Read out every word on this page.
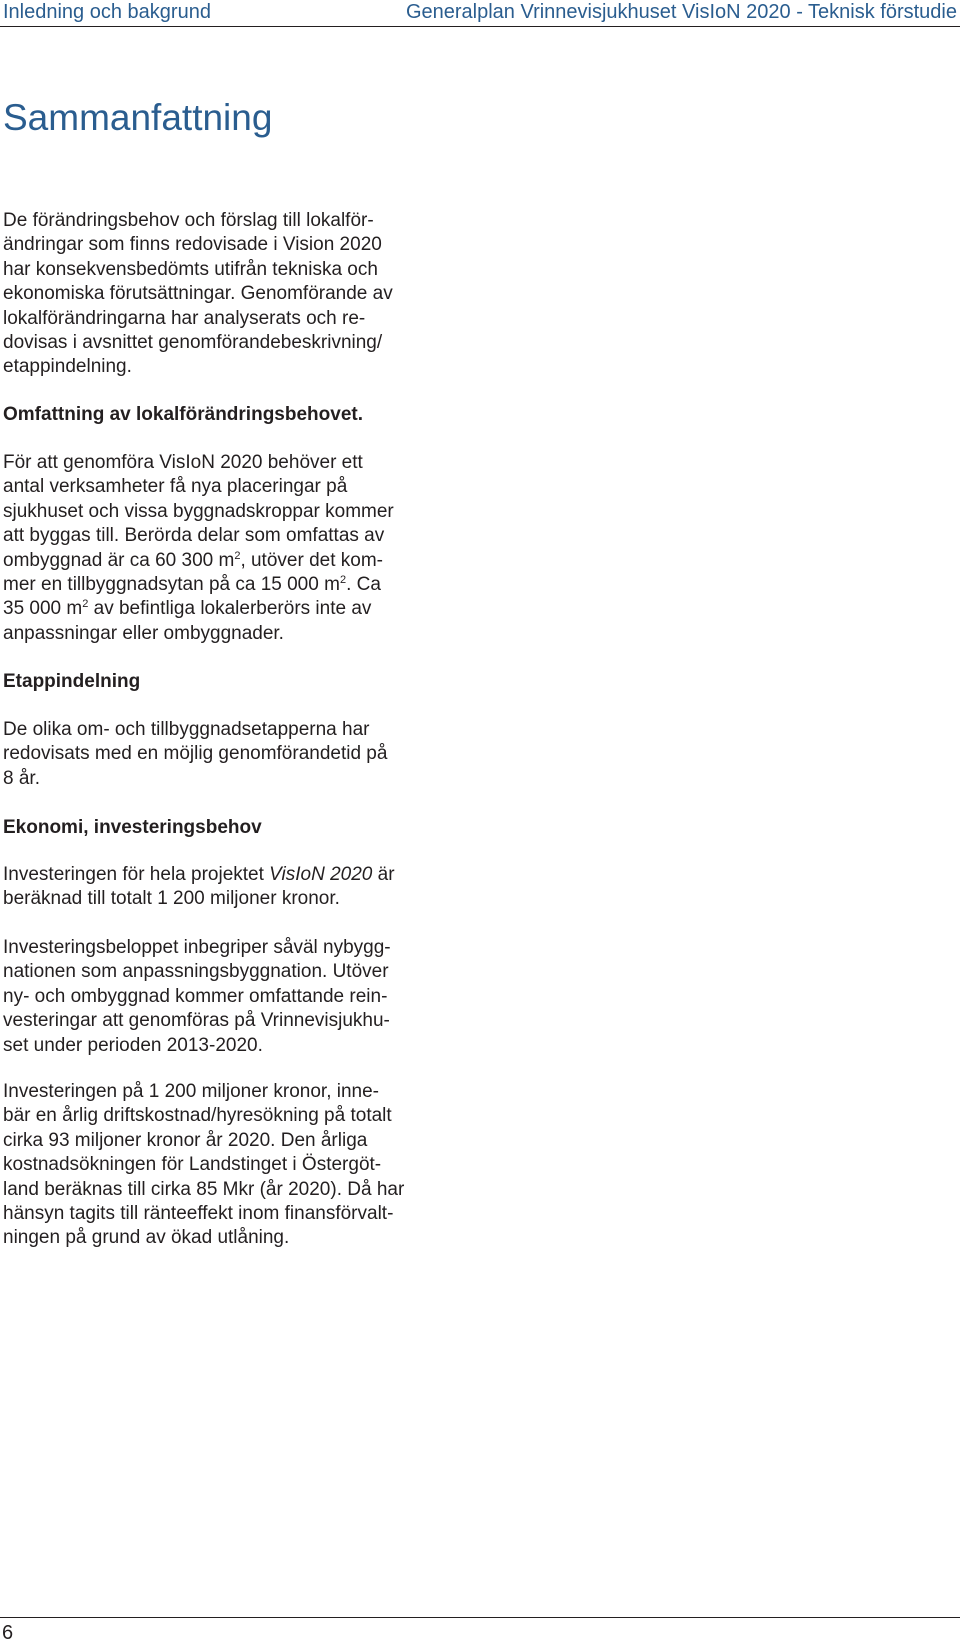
Inledning och bakgrund	Generalplan Vrinnevisjukhuset VisIoN 2020 - Teknisk förstudie
Sammanfattning

De förändringsbehov och förslag till lokalför-
ändringar som finns redovisade i Vision 2020
har konsekvensbedömts utifrån tekniska och
ekonomiska förutsättningar. Genomförande av
lokalförändringarna har analyserats och re-
dovisas i avsnittet genomförandebeskrivning/
etappindelning.

Omfattning av lokalförändringsbehovet.

För att genomföra VisIoN 2020 behöver ett
antal verksamheter få nya placeringar på
sjukhuset och vissa byggnadskroppar kommer
att byggas till. Berörda delar som omfattas av
ombyggnad är ca 60 300 $m^2$, utöver det kom-
mer en tillbyggnadsytan på ca 15 000 $m^2$. Ca
35 000 $m^2$ av befintliga lokalerberörs inte av
anpassningar eller ombyggnader.

Etappindelning

De olika om- och tillbyggnadsetapperna har
redovisats med en möjlig genomförandetid på
8 år.

Ekonomi, investeringsbehov

Investeringen för hela projektet VisIoN 2020 är
beräknad till totalt 1 200 miljoner kronor.

Investeringsbeloppet inbegriper såväl nybygg-
nationen som anpassningsbyggnation. Utöver
ny- och ombyggnad kommer omfattande rein-
vesteringar att genomföras på Vrinnevisjukhu-
set under perioden 2013-2020.

Investeringen på 1 200 miljoner kronor, inne-
bär en årlig driftskostnad/hyresökning på totalt
cirka 93 miljoner kronor år 2020. Den årliga
kostnadsökningen för Landstinget i Östergöt-
land beräknas till cirka 85 Mkr (år 2020). Då har
hänsyn tagits till ränteeffekt inom finansförvalt-
ningen på grund av ökad utlåning.

6
